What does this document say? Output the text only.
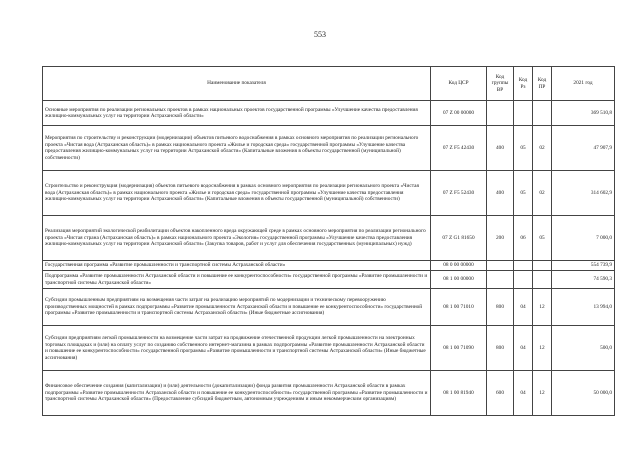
553
Наименование показателя	Код ЦСР	Код группы ВР	Код Рз	Код ПР	2021 год
Основные мероприятия по реализации региональных проектов в рамках национальных проектов государственной программы «Улучшение качества предоставления жилищно-коммунальных услуг на территории Астраханской области»	07 Z 00 00000				369 510,8
Мероприятия по строительству и реконструкции (модернизации) объектов питьевого водоснабжения в рамках основного мероприятия по реализации регионального проекта «Чистая вода (Астраханская область)» в рамках национального проекта «Жилье и городская среда» государственной программы «Улучшение качества предоставления жилищно-коммунальных услуг на территории Астраханской области» (Капитальные вложения в объекты государственной (муниципальной) собственности)	07 Z F5 42430	400	05	02	47 907,9
Строительство и реконструкция (модернизация) объектов питьевого водоснабжения в рамках основного мероприятия по реализации регионального проекта «Чистая вода (Астраханская область)» в рамках национального проекта «Жилье и городская среда» государственной программы «Улучшение качества предоставления жилищно-коммунальных услуг на территории Астраханской области» (Капитальные вложения в объекты государственной (муниципальной) собственности)	07 Z F5 52430	400	05	02	314 602,9
Реализация мероприятий экологической реабилитации объектов накопленного вреда окружающей среде в рамках основного мероприятия по реализации регионального проекта «Чистая страна (Астраханская область)» в рамках национального проекта «Экология» государственной программы «Улучшение качества предоставления жилищно-коммунальных услуг на территории Астраханской области» (Закупка товаров, работ и услуг для обеспечения государственных (муниципальных) нужд)	07 Z G1 81650	200	06	05	7 000,0
Государственная программа «Развитие промышленности и транспортной системы Астраханской области»	08 0 00 00000				554 739,9
Подпрограмма «Развитие промышленности Астраханской области и повышение ее конкурентоспособности» государственной программы «Развитие промышленности и транспортной системы Астраханской области»	08 1 00 00000				74 590,3
Субсидии промышленным предприятиям на возмещения части затрат на реализацию мероприятий по модернизации и техническому перевооружению производственных мощностей в рамках подпрограммы «Развитие промышленности Астраханской области и повышение ее конкурентоспособности» государственной программы «Развитие промышленности и транспортной системы Астраханской области» (Иные бюджетные ассигнования)	08 1 00 71010	800	04	12	13 994,0
Субсидии предприятиям легкой промышленности на возмещение части затрат на продвижение отечественной продукции легкой промышленности на электронных торговых площадках и (или) на оплату услуг по созданию собственного интернет-магазина в рамках подпрограммы «Развитие промышленности Астраханской области и повышение ее конкурентоспособности» государственной программы «Развитие промышленности и транспортной системы Астраханской области» (Иные бюджетные ассигнования)	08 1 00 71090	800	04	12	500,0
Финансовое обеспечение создания (капитализации) и (или) деятельности (докапитализации) фонда развития промышленности Астраханской области в рамках подпрограммы «Развитие промышленности Астраханской области и повышение ее конкурентоспособности» государственной программы «Развитие промышленности и транспортной системы Астраханской области» (Предоставление субсидий бюджетным, автономным учреждениям и иным некоммерческим организациям)	08 1 00 81940	600	04	12	50 000,0
